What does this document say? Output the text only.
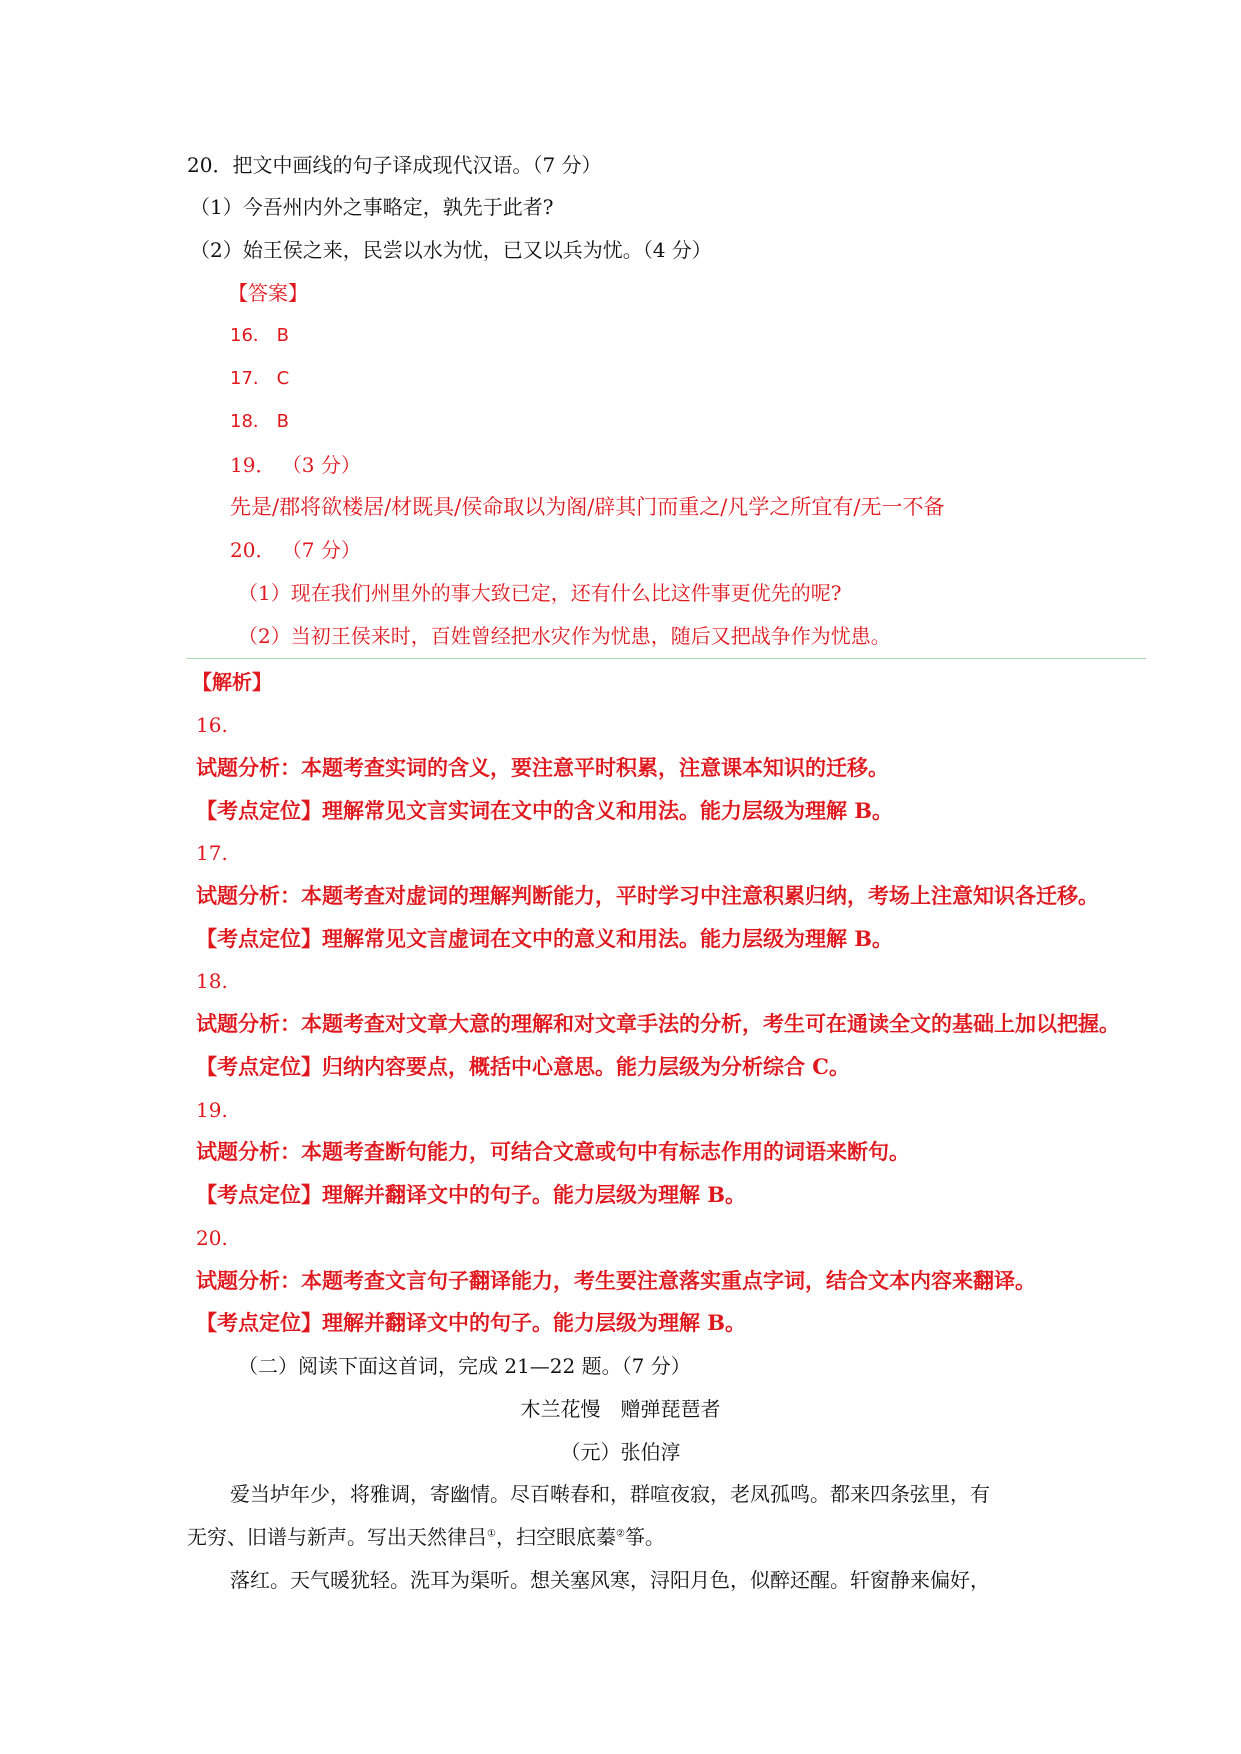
20．把文中画线的句子译成现代汉语。（7 分）
（1）今吾州内外之事略定，孰先于此者?
（2）始王侯之来，民尝以水为忧，已又以兵为忧。（4 分）
【答案】
16． B
17． C
18． B
19． （3 分）
先是/郡将欲楼居/材既具/侯命取以为阁/辟其门而重之/凡学之所宜有/无一不备
20． （7 分）
（1）现在我们州里外的事大致已定，还有什么比这件事更优先的呢?
（2）当初王侯来时，百姓曾经把水灾作为忧患，随后又把战争作为忧患。
【解析】
16.
试题分析：本题考查实词的含义，要注意平时积累，注意课本知识的迁移。
【考点定位】理解常见文言实词在文中的含义和用法。能力层级为理解 B。
17.
试题分析：本题考查对虚词的理解判断能力，平时学习中注意积累归纳，考场上注意知识各迁移。
【考点定位】理解常见文言虚词在文中的意义和用法。能力层级为理解 B。
18.
试题分析：本题考查对文章大意的理解和对文章手法的分析，考生可在通读全文的基础上加以把握。
【考点定位】归纳内容要点，概括中心意思。能力层级为分析综合 C。
19.
试题分析：本题考查断句能力，可结合文意或句中有标志作用的词语来断句。
【考点定位】理解并翻译文中的句子。能力层级为理解 B。
20.
试题分析：本题考查文言句子翻译能力，考生要注意落实重点字词，结合文本内容来翻译。
【考点定位】理解并翻译文中的句子。能力层级为理解 B。
（二）阅读下面这首词，完成 21—22 题。（7 分）
木兰花慢　赠弹琵琶者
（元）张伯淳
爱当垆年少，将雅调，寄幽情。尽百啭春和，群喧夜寂，老凤孤鸣。都来四条弦里，有
无穷、旧谱与新声。写出天然律吕①，扫空眼底蓁②筝。
落红。天气暖犹轻。洗耳为渠听。想关塞风寒，浔阳月色，似醉还醒。轩窗静来偏好，
